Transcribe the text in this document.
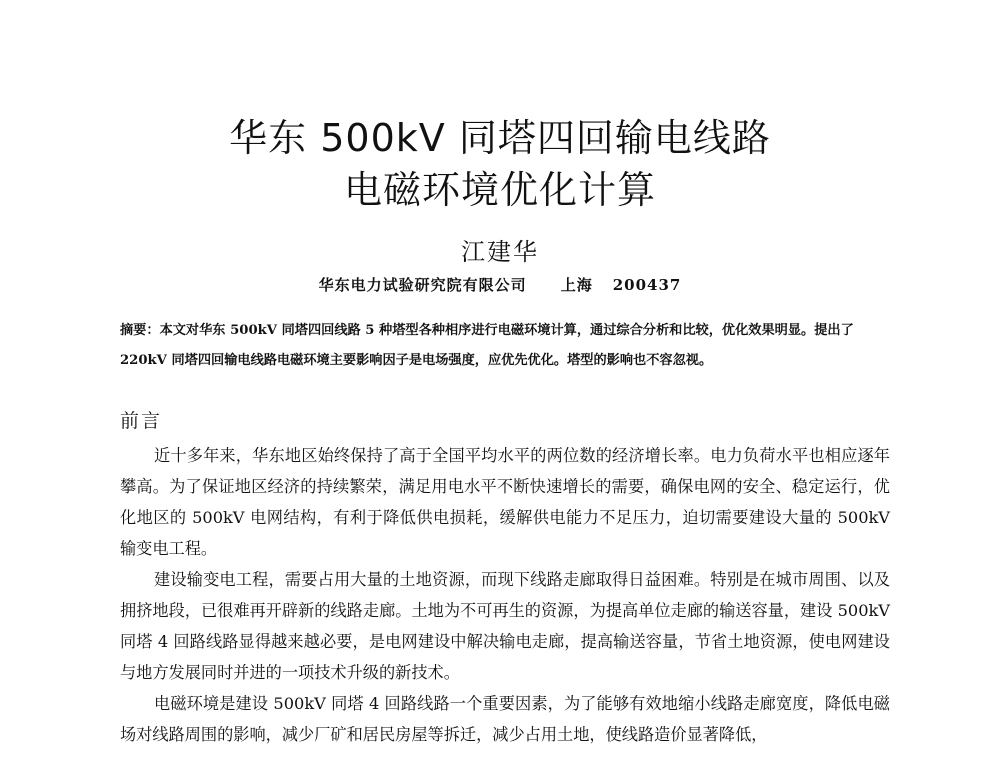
华东 500kV 同塔四回输电线路
电磁环境优化计算
江建华
华东电力试验研究院有限公司 上海 200437
摘要：本文对华东 500kV 同塔四回线路 5 种塔型各种相序进行电磁环境计算，通过综合分析和比较，优化效果明显。提出了 220kV 同塔四回输电线路电磁环境主要影响因子是电场强度，应优先优化。塔型的影响也不容忽视。
前言

近十多年来，华东地区始终保持了高于全国平均水平的两位数的经济增长率。电力负荷水平也相应逐年攀高。为了保证地区经济的持续繁荣，满足用电水平不断快速增长的需要，确保电网的安全、稳定运行，优化地区的 500kV 电网结构，有利于降低供电损耗，缓解供电能力不足压力，迫切需要建设大量的 500kV 输变电工程。

建设输变电工程，需要占用大量的土地资源，而现下线路走廊取得日益困难。特别是在城市周围、以及拥挤地段，已很难再开辟新的线路走廊。土地为不可再生的资源，为提高单位走廊的输送容量，建设 500kV 同塔 4 回路线路显得越来越必要，是电网建设中解决输电走廊，提高输送容量，节省土地资源，使电网建设与地方发展同时并进的一项技术升级的新技术。

电磁环境是建设 500kV 同塔 4 回路线路一个重要因素，为了能够有效地缩小线路走廊宽度，降低电磁场对线路周围的影响，减少厂矿和居民房屋等拆迁，减少占用土地，使线路造价显著降低，
